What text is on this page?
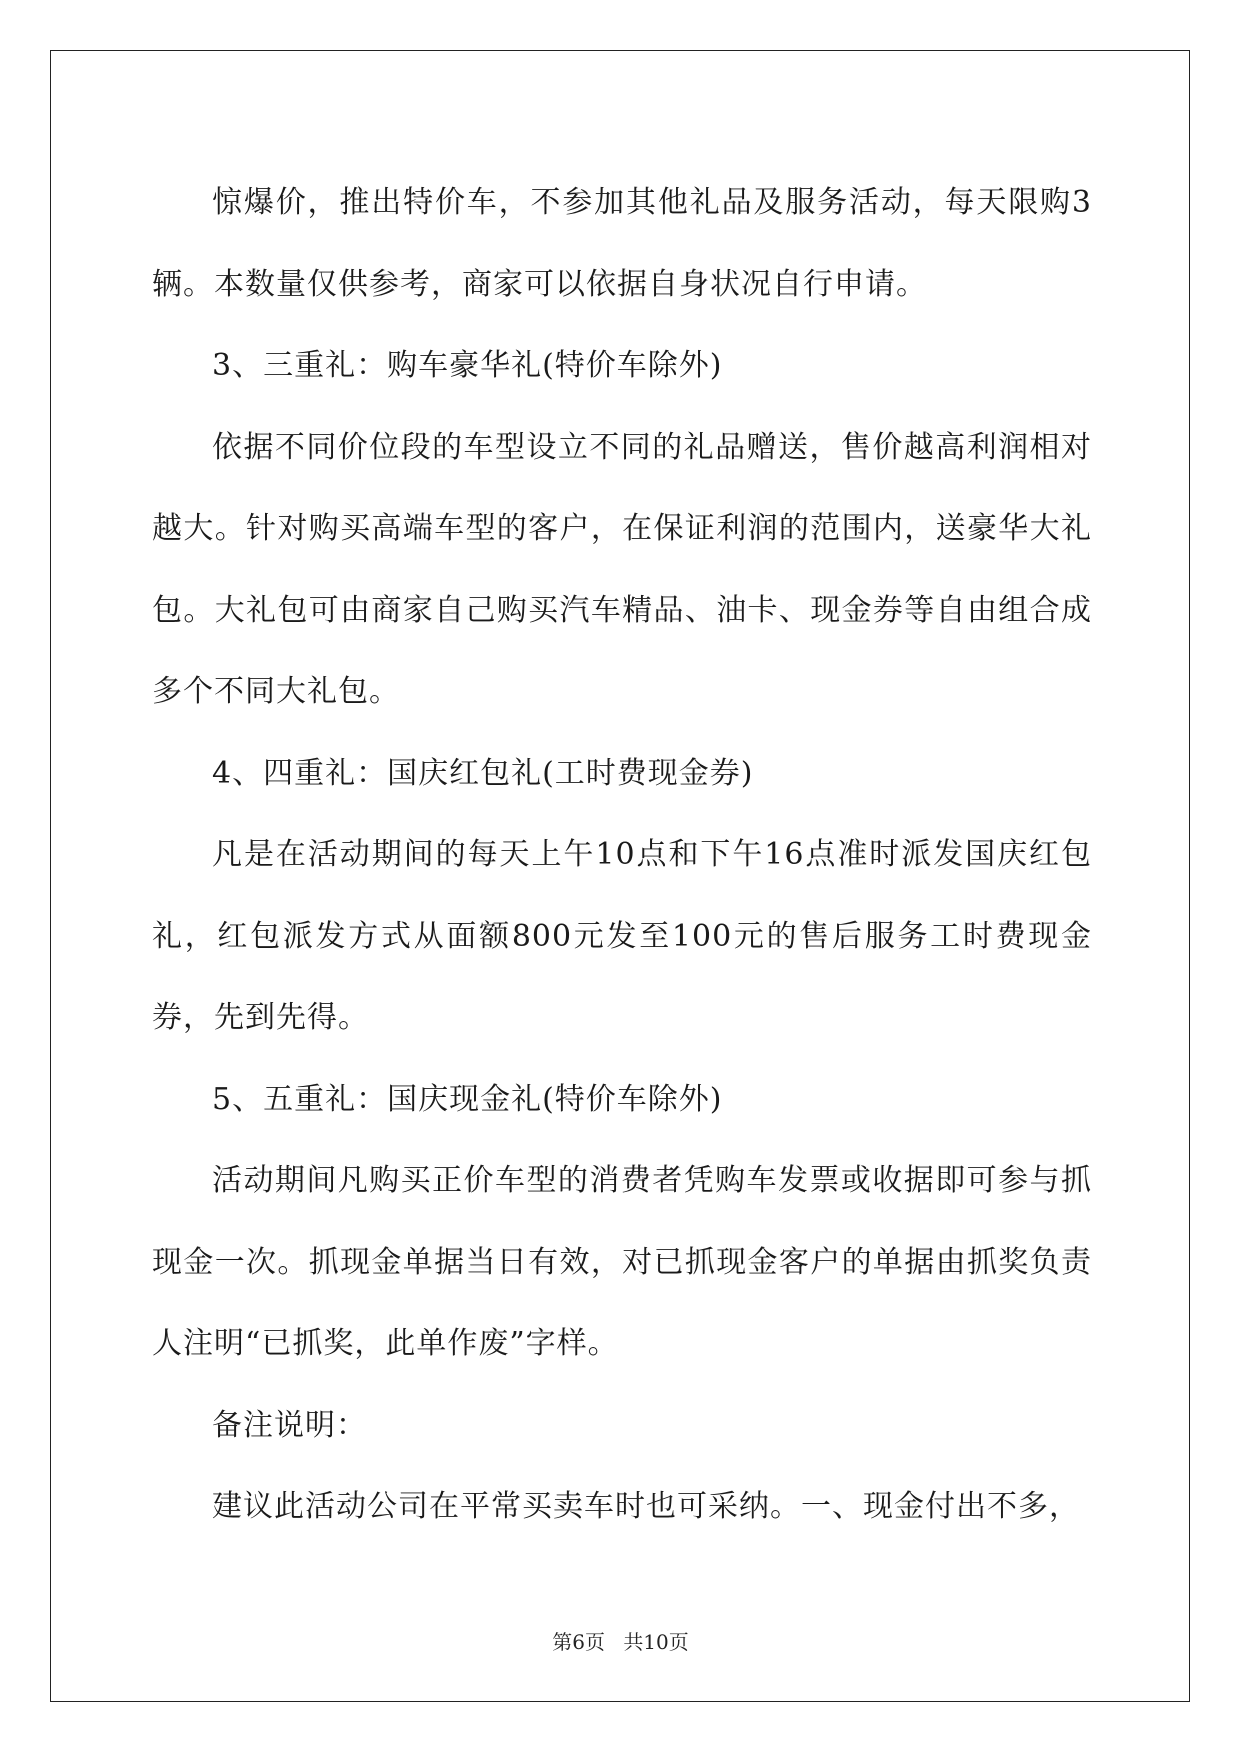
惊爆价，推出特价车，不参加其他礼品及服务活动，每天限购3辆。本数量仅供参考，商家可以依据自身状况自行申请。

3、三重礼：购车豪华礼(特价车除外)

依据不同价位段的车型设立不同的礼品赠送，售价越高利润相对越大。针对购买高端车型的客户，在保证利润的范围内，送豪华大礼包。大礼包可由商家自己购买汽车精品、油卡、现金券等自由组合成多个不同大礼包。

4、四重礼：国庆红包礼(工时费现金券)

凡是在活动期间的每天上午10点和下午16点准时派发国庆红包礼，红包派发方式从面额800元发至100元的售后服务工时费现金券，先到先得。

5、五重礼：国庆现金礼(特价车除外)

活动期间凡购买正价车型的消费者凭购车发票或收据即可参与抓现金一次。抓现金单据当日有效，对已抓现金客户的单据由抓奖负责人注明“已抓奖，此单作废”字样。

备注说明：

建议此活动公司在平常买卖车时也可采纳。一、现金付出不多，

第6页 共10页
